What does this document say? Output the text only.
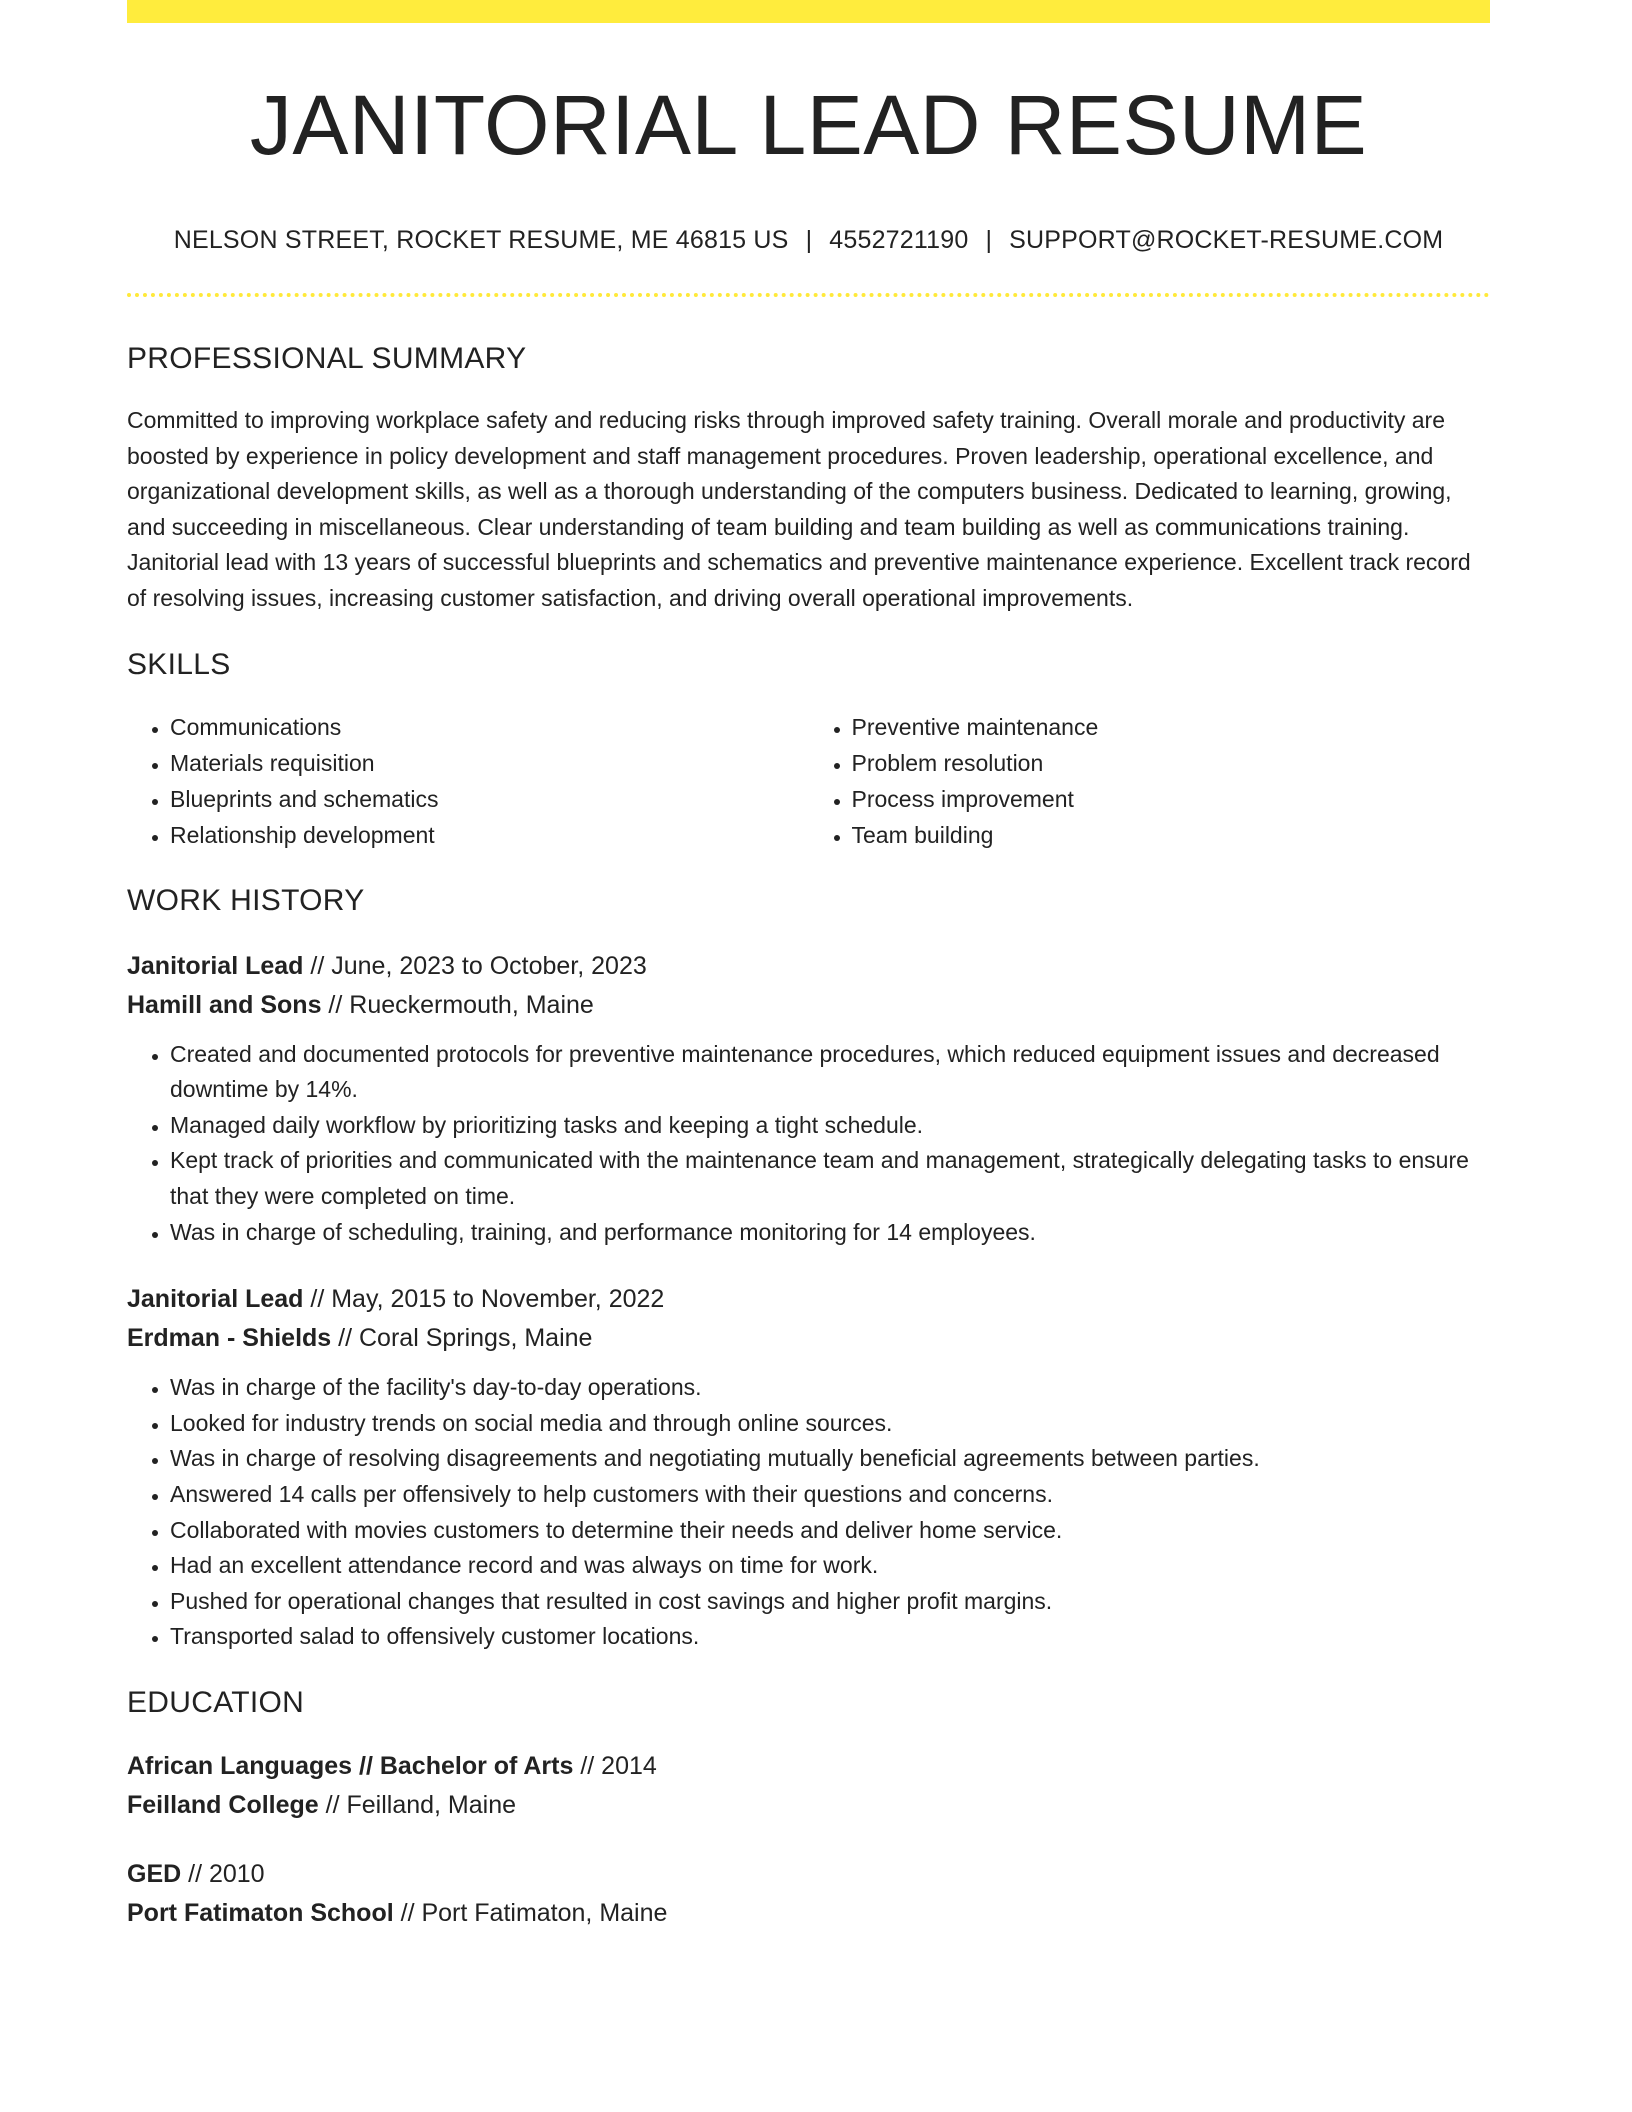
JANITORIAL LEAD RESUME
NELSON STREET, ROCKET RESUME, ME 46815 US | 4552721190 | SUPPORT@ROCKET-RESUME.COM
PROFESSIONAL SUMMARY

Committed to improving workplace safety and reducing risks through improved safety training. Overall morale and productivity are boosted by experience in policy development and staff management procedures. Proven leadership, operational excellence, and organizational development skills, as well as a thorough understanding of the computers business. Dedicated to learning, growing, and succeeding in miscellaneous. Clear understanding of team building and team building as well as communications training. Janitorial lead with 13 years of successful blueprints and schematics and preventive maintenance experience. Excellent track record of resolving issues, increasing customer satisfaction, and driving overall operational improvements.

SKILLS
• Communications
• Materials requisition
• Blueprints and schematics
• Relationship development
• Preventive maintenance
• Problem resolution
• Process improvement
• Team building
WORK HISTORY
Janitorial Lead // June, 2023 to October, 2023
Hamill and Sons // Rueckermouth, Maine
• Created and documented protocols for preventive maintenance procedures, which reduced equipment issues and decreased downtime by 14%.
• Managed daily workflow by prioritizing tasks and keeping a tight schedule.
• Kept track of priorities and communicated with the maintenance team and management, strategically delegating tasks to ensure that they were completed on time.
• Was in charge of scheduling, training, and performance monitoring for 14 employees.
Janitorial Lead // May, 2015 to November, 2022
Erdman - Shields // Coral Springs, Maine
• Was in charge of the facility's day-to-day operations.
• Looked for industry trends on social media and through online sources.
• Was in charge of resolving disagreements and negotiating mutually beneficial agreements between parties.
• Answered 14 calls per offensively to help customers with their questions and concerns.
• Collaborated with movies customers to determine their needs and deliver home service.
• Had an excellent attendance record and was always on time for work.
• Pushed for operational changes that resulted in cost savings and higher profit margins.
• Transported salad to offensively customer locations.
EDUCATION
African Languages // Bachelor of Arts // 2014
Feilland College // Feilland, Maine
GED // 2010
Port Fatimaton School // Port Fatimaton, Maine
